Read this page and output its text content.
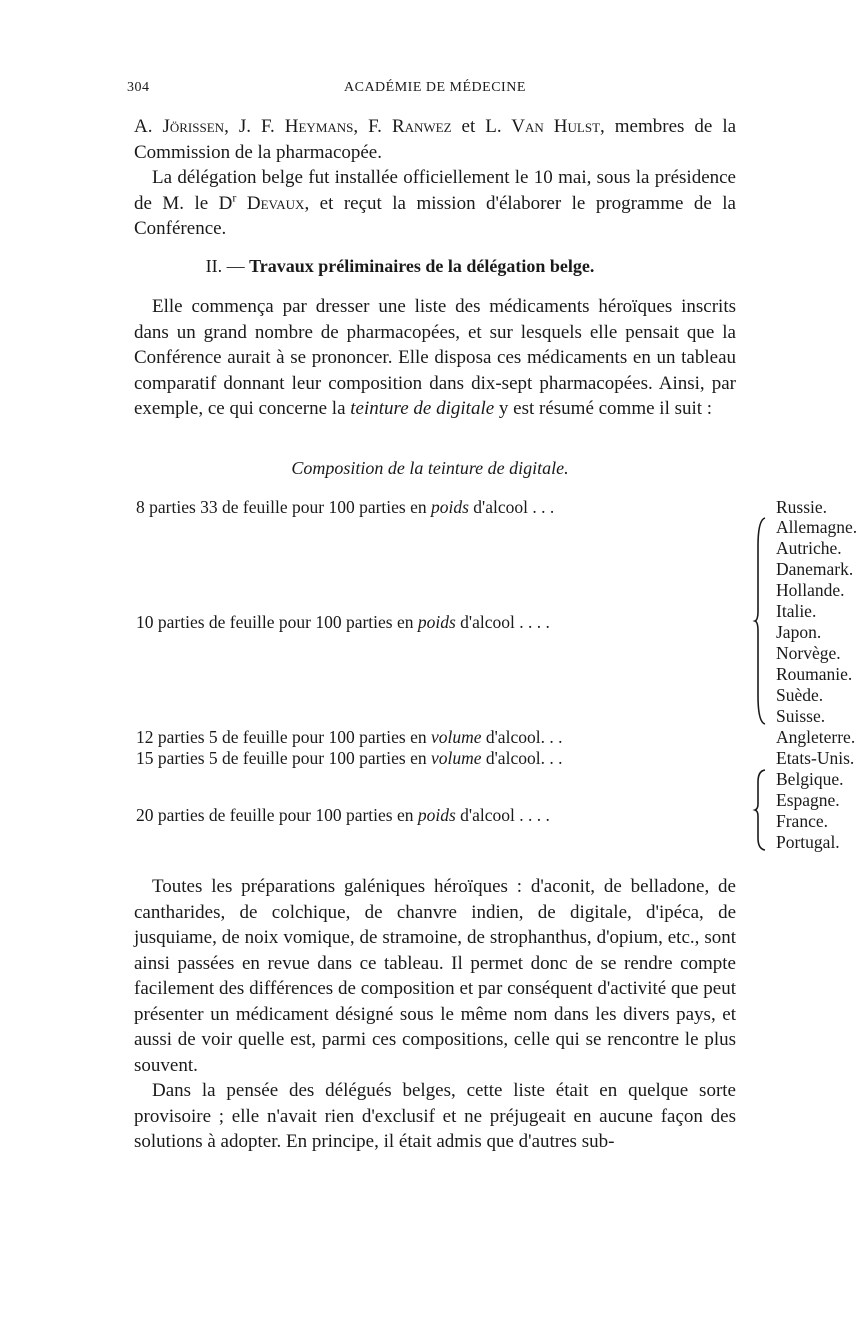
304	ACADÉMIE DE MÉDECINE

A. Jörissen, J. F. Heymans, F. Ranwez et L. Van Hulst, membres de la Commission de la pharmacopée.

La délégation belge fut installée officiellement le 10 mai, sous la présidence de M. le $D^r$ Devaux, et reçut la mission d'élaborer le programme de la Conférence.

II. — Travaux préliminaires de la délégation belge.

Elle commença par dresser une liste des médicaments héroïques inscrits dans un grand nombre de pharmacopées, et sur lesquels elle pensait que la Conférence aurait à se prononcer. Elle disposa ces médicaments en un tableau comparatif donnant leur composition dans dix-sept pharmacopées. Ainsi, par exemple, ce qui concerne la teinture de digitale y est résumé comme il suit :

Composition de la teinture de digitale.
8 parties 33 de feuille pour 100 parties en poids d'alcool . . .
10 parties de feuille pour 100 parties en poids d'alcool . . . .
12 parties 5 de feuille pour 100 parties en volume d'alcool. . .
15 parties 5 de feuille pour 100 parties en volume d'alcool. . .
20 parties de feuille pour 100 parties en poids d'alcool . . . .
Russie.
Allemagne.
Autriche.
Danemark.
Hollande.
Italie.
Japon.
Norvège.
Roumanie.
Suède.
Suisse.
Angleterre.
Etats-Unis.
Belgique.
Espagne.
France.
Portugal.

Toutes les préparations galéniques héroïques : d'aconit, de belladone, de cantharides, de colchique, de chanvre indien, de digitale, d'ipéca, de jusquiame, de noix vomique, de stramoine, de strophanthus, d'opium, etc., sont ainsi passées en revue dans ce tableau. Il permet donc de se rendre compte facilement des différences de composition et par conséquent d'activité que peut présenter un médicament désigné sous le même nom dans les divers pays, et aussi de voir quelle est, parmi ces compositions, celle qui se rencontre le plus souvent.

Dans la pensée des délégués belges, cette liste était en quelque sorte provisoire ; elle n'avait rien d'exclusif et ne préjugeait en aucune façon des solutions à adopter. En principe, il était admis que d'autres sub-
